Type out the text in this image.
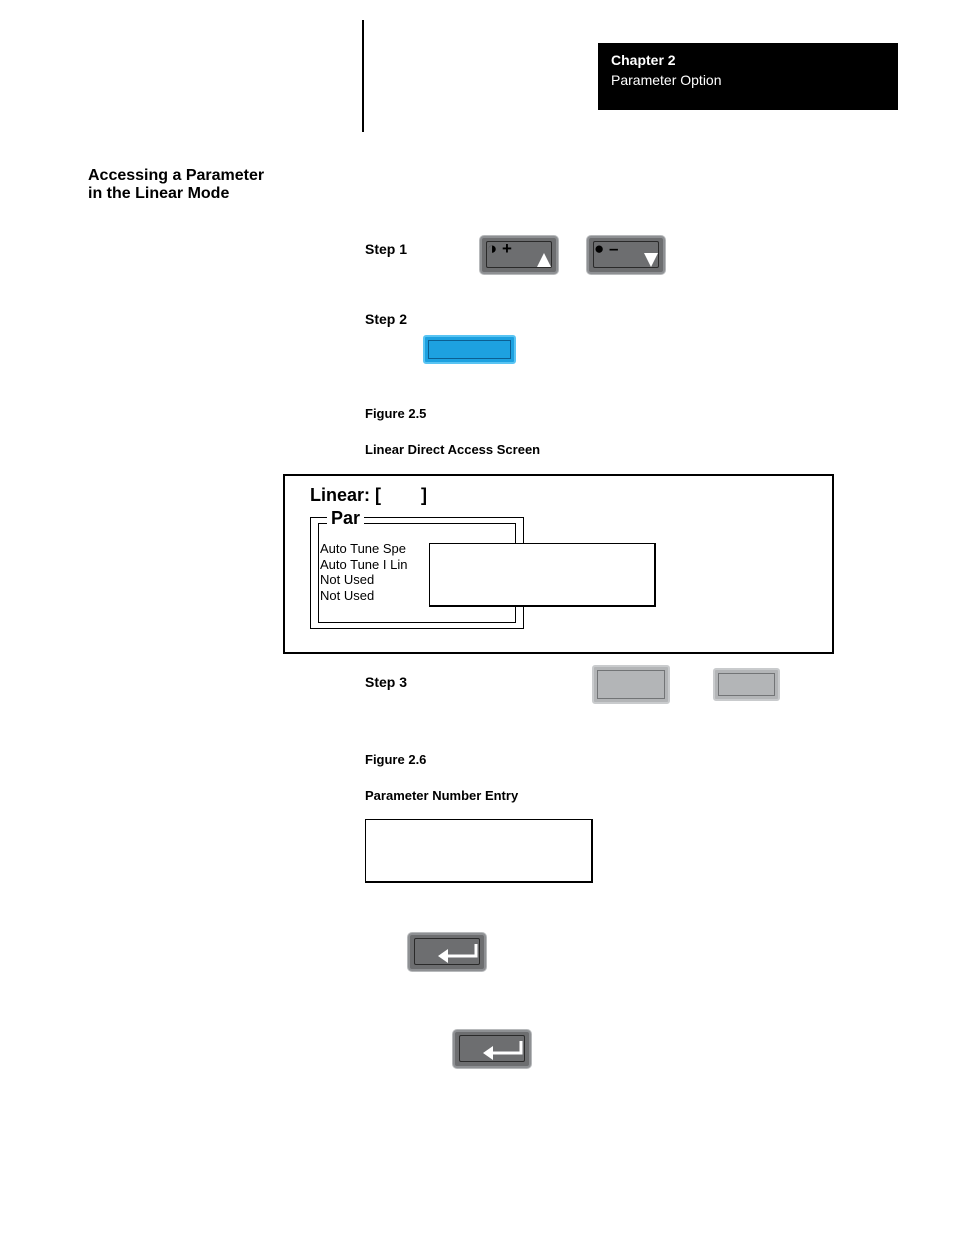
Chapter 2
Parameter Option
Accessing a Parameter
in the Linear Mode
Step 1	◑ +	● –
Step 2
Figure 2.5
Linear Direct Access Screen
Linear: [        ]
Par
Auto Tune Spe
Auto Tune I Lin
Not Used
Not Used
Step 3
Figure 2.6
Parameter Number Entry
